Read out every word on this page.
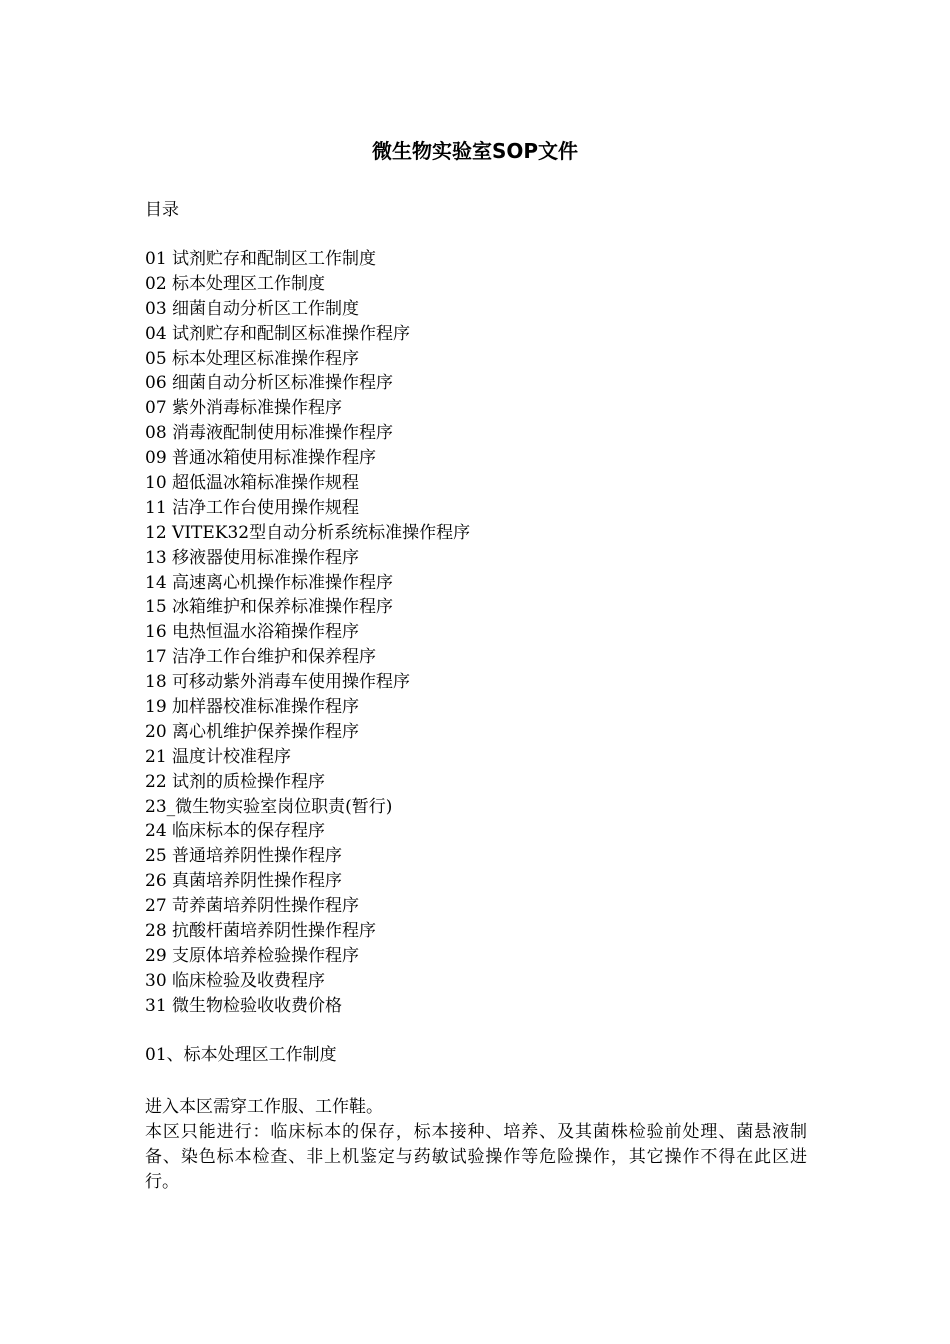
微生物实验室SOP文件
目录
01 试剂贮存和配制区工作制度
02 标本处理区工作制度
03 细菌自动分析区工作制度
04 试剂贮存和配制区标准操作程序
05 标本处理区标准操作程序
06 细菌自动分析区标准操作程序
07 紫外消毒标准操作程序
08 消毒液配制使用标准操作程序
09 普通冰箱使用标准操作程序
10 超低温冰箱标准操作规程
11 洁净工作台使用操作规程
12 VITEK32型自动分析系统标准操作程序
13 移液器使用标准操作程序
14 高速离心机操作标准操作程序
15 冰箱维护和保养标准操作程序
16 电热恒温水浴箱操作程序
17 洁净工作台维护和保养程序
18 可移动紫外消毒车使用操作程序
19 加样器校准标准操作程序
20 离心机维护保养操作程序
21 温度计校准程序
22 试剂的质检操作程序
23_微生物实验室岗位职责(暂行)
24 临床标本的保存程序
25 普通培养阴性操作程序
26 真菌培养阴性操作程序
27 苛养菌培养阴性操作程序
28 抗酸杆菌培养阴性操作程序
29 支原体培养检验操作程序
30 临床检验及收费程序
31 微生物检验收收费价格
01、标本处理区工作制度

进入本区需穿工作服、工作鞋。

本区只能进行：临床标本的保存，标本接种、培养、及其菌株检验前处理、菌悬液制备、染色标本检查、非上机鉴定与药敏试验操作等危险操作，其它操作不得在此区进行。
